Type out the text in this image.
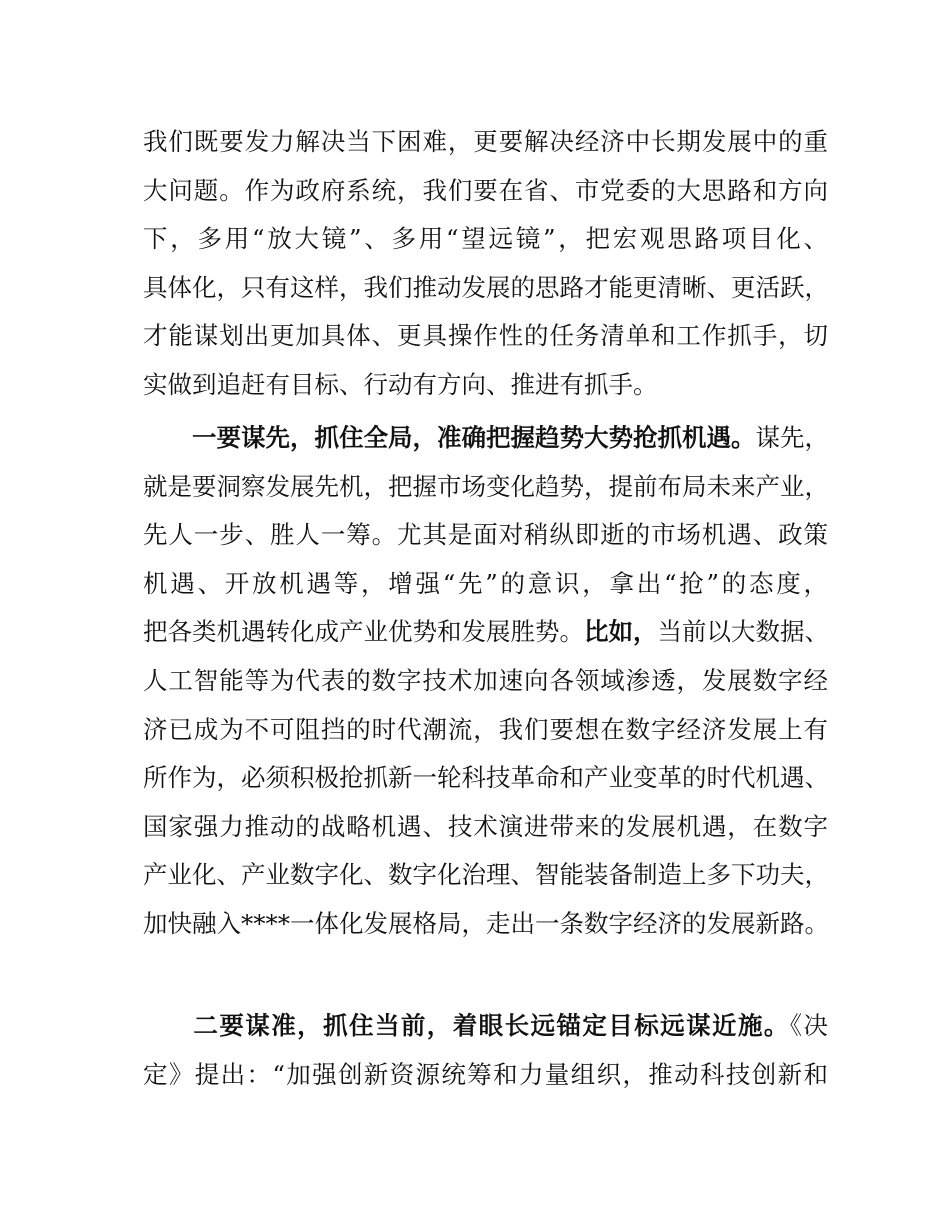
我们既要发力解决当下困难，更要解决经济中长期发展中的重
大问题。作为政府系统，我们要在省、市党委的大思路和方向
下，多用“放大镜”、多用“望远镜”，把宏观思路项目化、
具体化，只有这样，我们推动发展的思路才能更清晰、更活跃，
才能谋划出更加具体、更具操作性的任务清单和工作抓手，切
实做到追赶有目标、行动有方向、推进有抓手。
一要谋先，抓住全局，准确把握趋势大势抢抓机遇。谋先，
就是要洞察发展先机，把握市场变化趋势，提前布局未来产业，
先人一步、胜人一筹。尤其是面对稍纵即逝的市场机遇、政策
机遇、开放机遇等，增强“先”的意识，拿出“抢”的态度，
把各类机遇转化成产业优势和发展胜势。比如，当前以大数据、
人工智能等为代表的数字技术加速向各领域渗透，发展数字经
济已成为不可阻挡的时代潮流，我们要想在数字经济发展上有
所作为，必须积极抢抓新一轮科技革命和产业变革的时代机遇、
国家强力推动的战略机遇、技术演进带来的发展机遇，在数字
产业化、产业数字化、数字化治理、智能装备制造上多下功夫，
加快融入****一体化发展格局，走出一条数字经济的发展新路。
二要谋准，抓住当前，着眼长远锚定目标远谋近施。《决
定》提出：“加强创新资源统筹和力量组织，推动科技创新和
